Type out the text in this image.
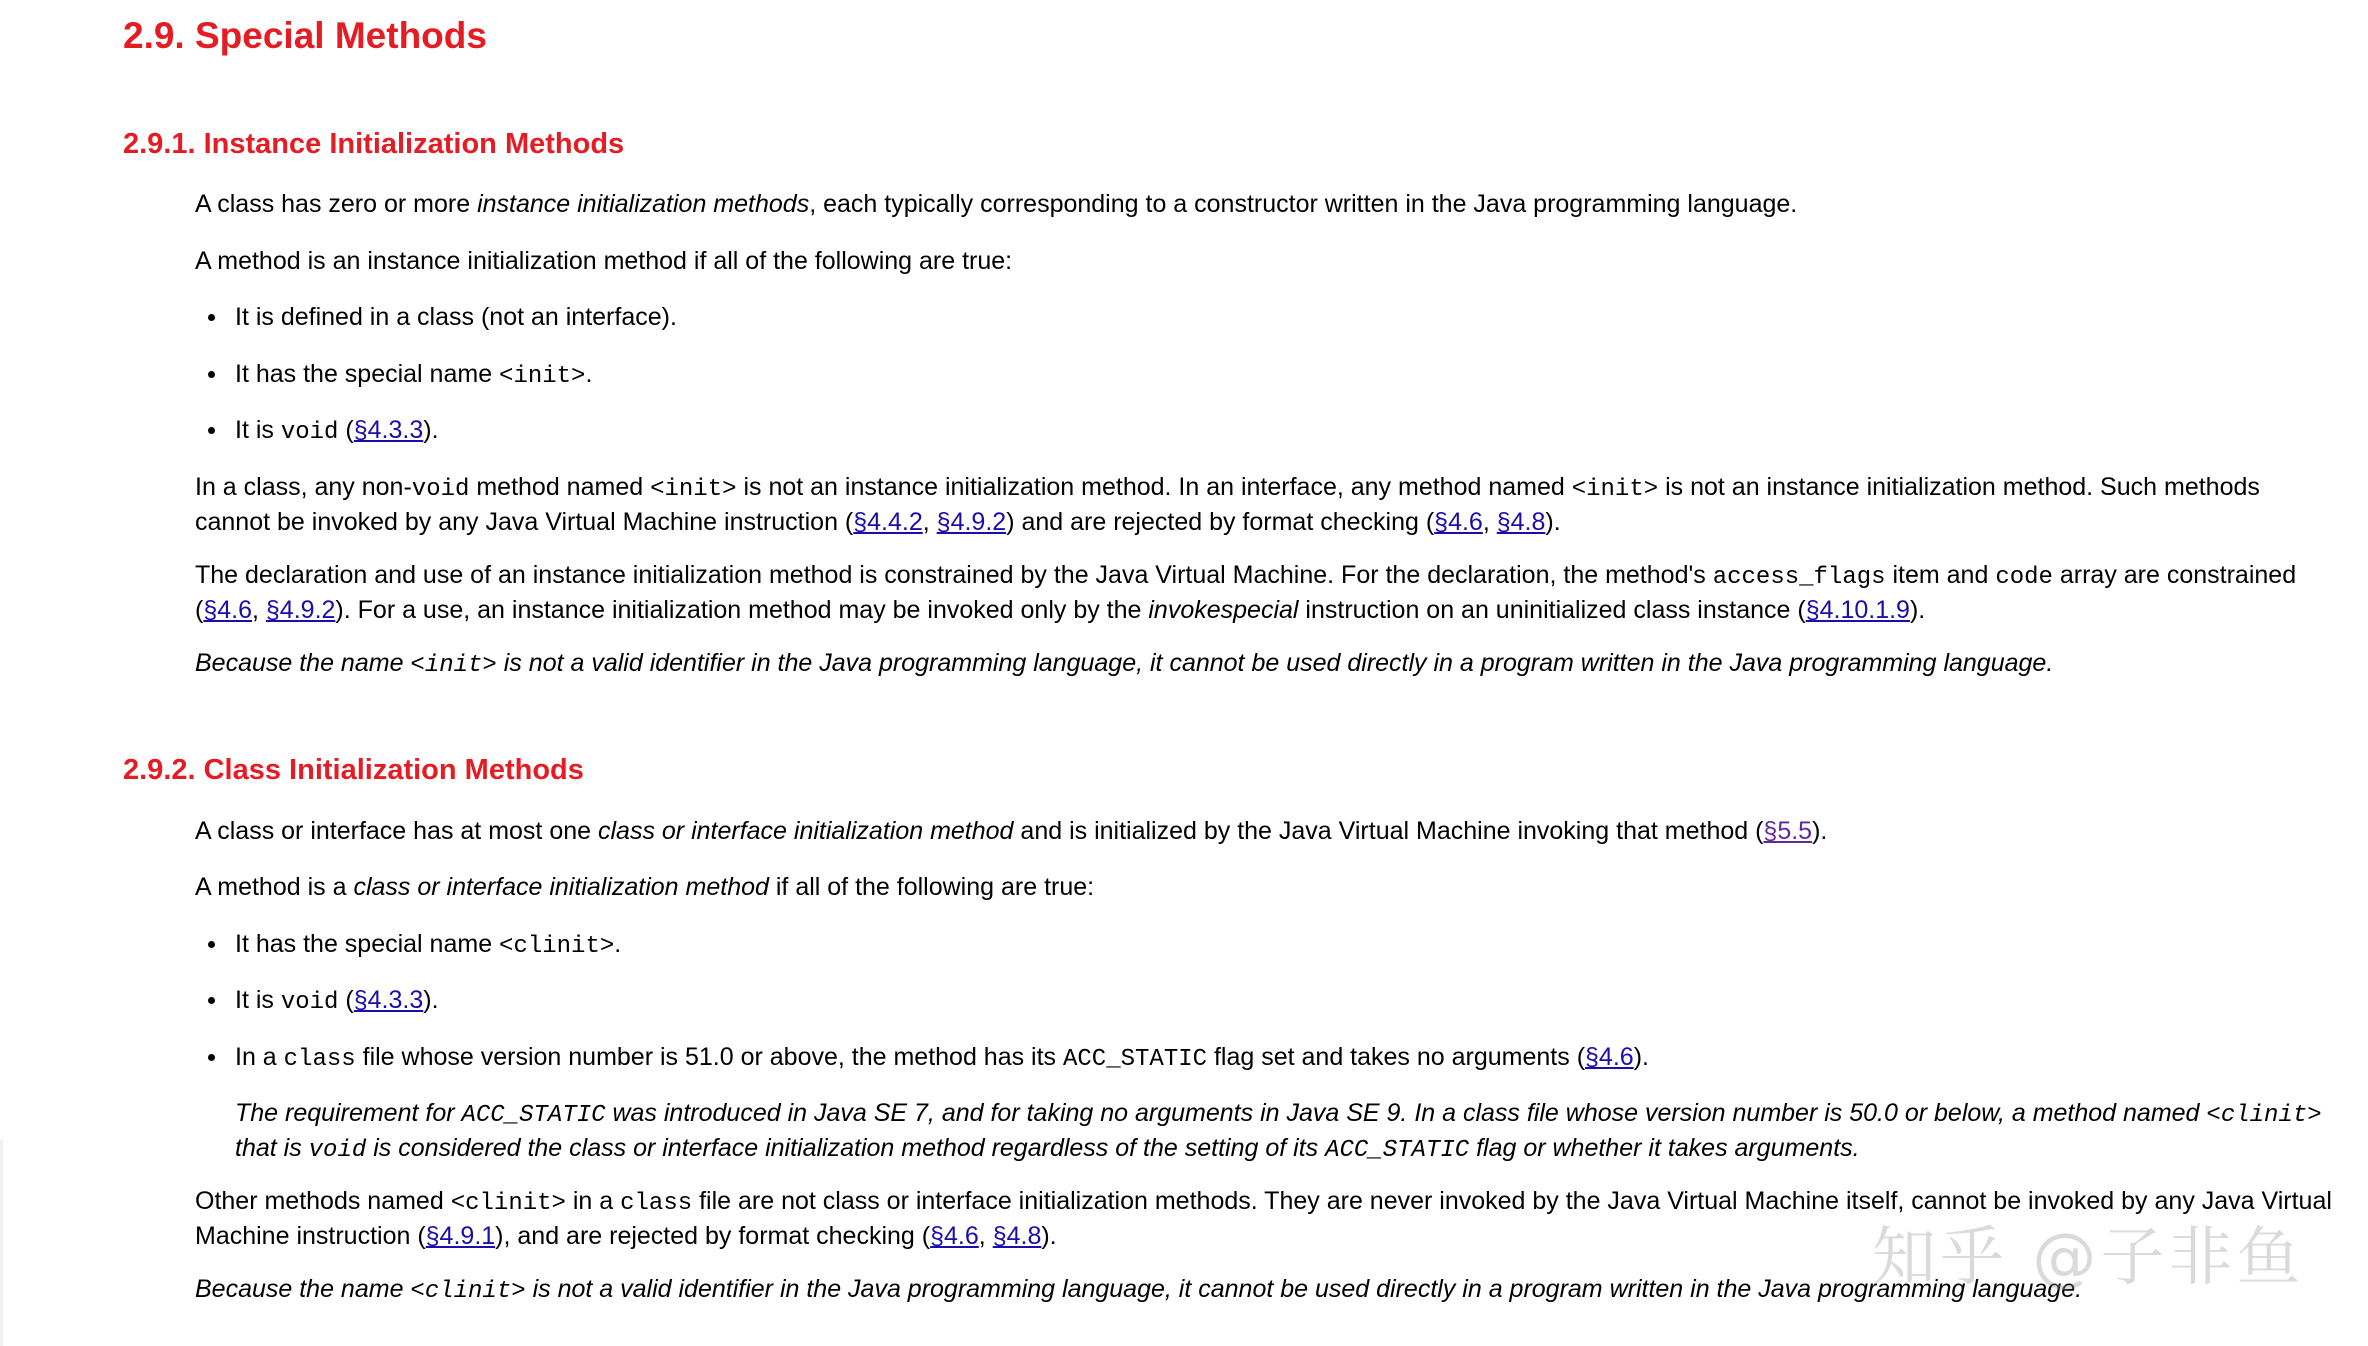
2.9. Special Methods
2.9.1. Instance Initialization Methods

A class has zero or more instance initialization methods, each typically corresponding to a constructor written in the Java programming language.

A method is an instance initialization method if all of the following are true:

It is defined in a class (not an interface).

It has the special name <init>.

It is void (§4.3.3).

In a class, any non-void method named <init> is not an instance initialization method. In an interface, any method named <init> is not an instance initialization method. Such methods cannot be invoked by any Java Virtual Machine instruction (§4.4.2, §4.9.2) and are rejected by format checking (§4.6, §4.8).

The declaration and use of an instance initialization method is constrained by the Java Virtual Machine. For the declaration, the method's access_flags item and code array are constrained (§4.6, §4.9.2). For a use, an instance initialization method may be invoked only by the invokespecial instruction on an uninitialized class instance (§4.10.1.9).

Because the name <init> is not a valid identifier in the Java programming language, it cannot be used directly in a program written in the Java programming language.

2.9.2. Class Initialization Methods

A class or interface has at most one class or interface initialization method and is initialized by the Java Virtual Machine invoking that method (§5.5).

A method is a class or interface initialization method if all of the following are true:

It has the special name <clinit>.

It is void (§4.3.3).

In a class file whose version number is 51.0 or above, the method has its ACC_STATIC flag set and takes no arguments (§4.6).

The requirement for ACC_STATIC was introduced in Java SE 7, and for taking no arguments in Java SE 9. In a class file whose version number is 50.0 or below, a method named <clinit> that is void is considered the class or interface initialization method regardless of the setting of its ACC_STATIC flag or whether it takes arguments.

Other methods named <clinit> in a class file are not class or interface initialization methods. They are never invoked by the Java Virtual Machine itself, cannot be invoked by any Java Virtual Machine instruction (§4.9.1), and are rejected by format checking (§4.6, §4.8).

Because the name <clinit> is not a valid identifier in the Java programming language, it cannot be used directly in a program written in the Java programming language.

知乎 @子非鱼
